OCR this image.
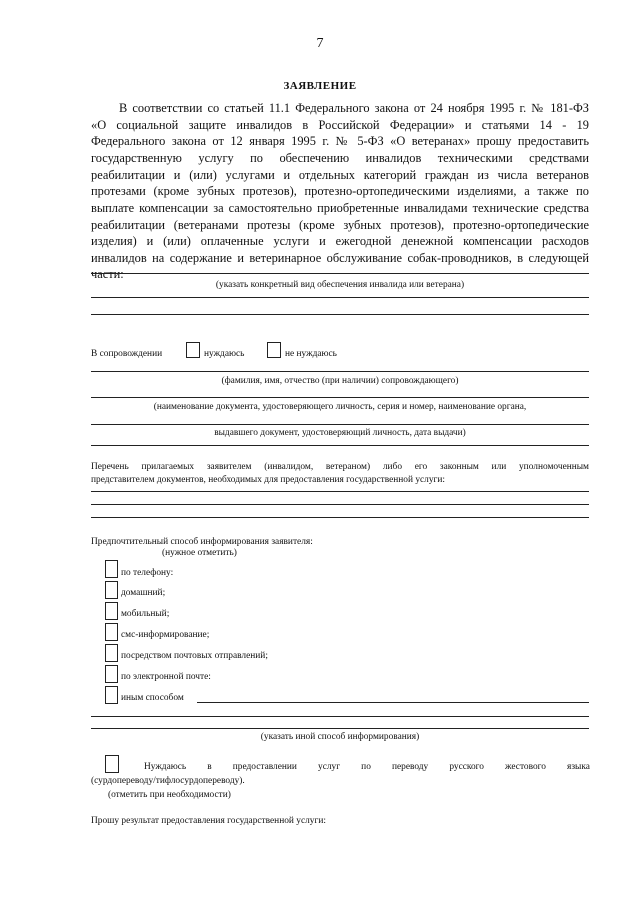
7
ЗАЯВЛЕНИЕ
В соответствии со статьей 11.1 Федерального закона от 24 ноября 1995 г. № 181-ФЗ
«О социальной защите инвалидов в Российской Федерации» и статьями 14 - 19
Федерального закона от 12 января 1995 г. № 5-ФЗ «О ветеранах» прошу предоставить
государственную услугу по обеспечению инвалидов техническими средствами
реабилитации и (или) услугами и отдельных категорий граждан из числа ветеранов
протезами (кроме зубных протезов), протезно-ортопедическими изделиями, а также по
выплате компенсации за самостоятельно приобретенные инвалидами технические средства
реабилитации (ветеранами протезы (кроме зубных протезов), протезно-ортопедические
изделия) и (или) оплаченные услуги и ежегодной денежной компенсации расходов
инвалидов на содержание и ветеринарное обслуживание собак-проводников, в следующей
части:
(указать конкретный вид обеспечения инвалида или ветерана)
В сопровождении	нуждаюсь	не нуждаюсь
(фамилия, имя, отчество (при наличии) сопровождающего)
(наименование документа, удостоверяющего личность, серия и номер, наименование органа,
выдавшего документ, удостоверяющий личность, дата выдачи)
Перечень прилагаемых заявителем (инвалидом, ветераном) либо его законным или уполномоченным
представителем документов, необходимых для предоставления государственной услуги:
Предпочтительный способ информирования заявителя:
(нужное отметить)
по телефону:
домашний;
мобильный;
смс-информирование;
посредством почтовых отправлений;
по электронной почте:
иным способом
(указать иной способ информирования)
Нуждаюсь в предоставлении услуг по переводу русского жестового языка
(сурдопереводу/тифлосурдопереводу).
(отметить при необходимости)
Прошу результат предоставления государственной услуги:
